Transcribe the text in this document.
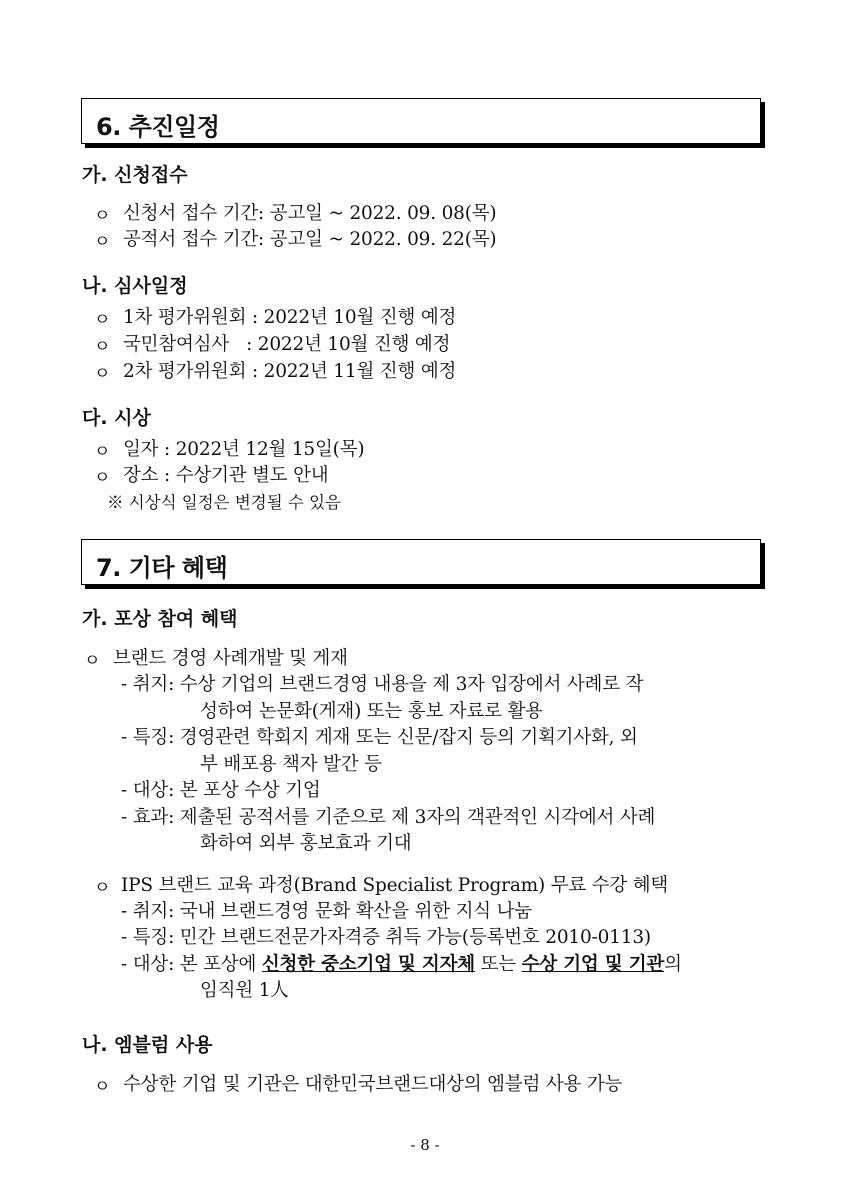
6. 추진일정
가. 신청접수
ㅇ 신청서 접수 기간: 공고일 ~ 2022. 09. 08(목)
ㅇ 공적서 접수 기간: 공고일 ~ 2022. 09. 22(목)
나. 심사일정
ㅇ 1차 평가위원회 : 2022년 10월 진행 예정
ㅇ 국민참여심사   : 2022년 10월 진행 예정
ㅇ 2차 평가위원회 : 2022년 11월 진행 예정
다. 시상
ㅇ 일자 : 2022년 12월 15일(목)
ㅇ 장소 : 수상기관 별도 안내
※ 시상식 일정은 변경될 수 있음
7. 기타 혜택
가. 포상 참여 혜택
ㅇ 브랜드 경영 사례개발 및 게재
- 취지: 수상 기업의 브랜드경영 내용을 제 3자 입장에서 사례로 작
성하여 논문화(게재) 또는 홍보 자료로 활용
- 특징: 경영관련 학회지 게재 또는 신문/잡지 등의 기획기사화, 외
부 배포용 책자 발간 등
- 대상: 본 포상 수상 기업
- 효과: 제출된 공적서를 기준으로 제 3자의 객관적인 시각에서 사례
화하여 외부 홍보효과 기대
ㅇ IPS 브랜드 교육 과정(Brand Specialist Program) 무료 수강 혜택
- 취지: 국내 브랜드경영 문화 확산을 위한 지식 나눔
- 특징: 민간 브랜드전문가자격증 취득 가능(등록번호 2010-0113)
- 대상: 본 포상에 신청한 중소기업 및 지자체 또는 수상 기업 및 기관의
임직원 1人
나. 엠블럼 사용
ㅇ 수상한 기업 및 기관은 대한민국브랜드대상의 엠블럼 사용 가능
- 8 -
